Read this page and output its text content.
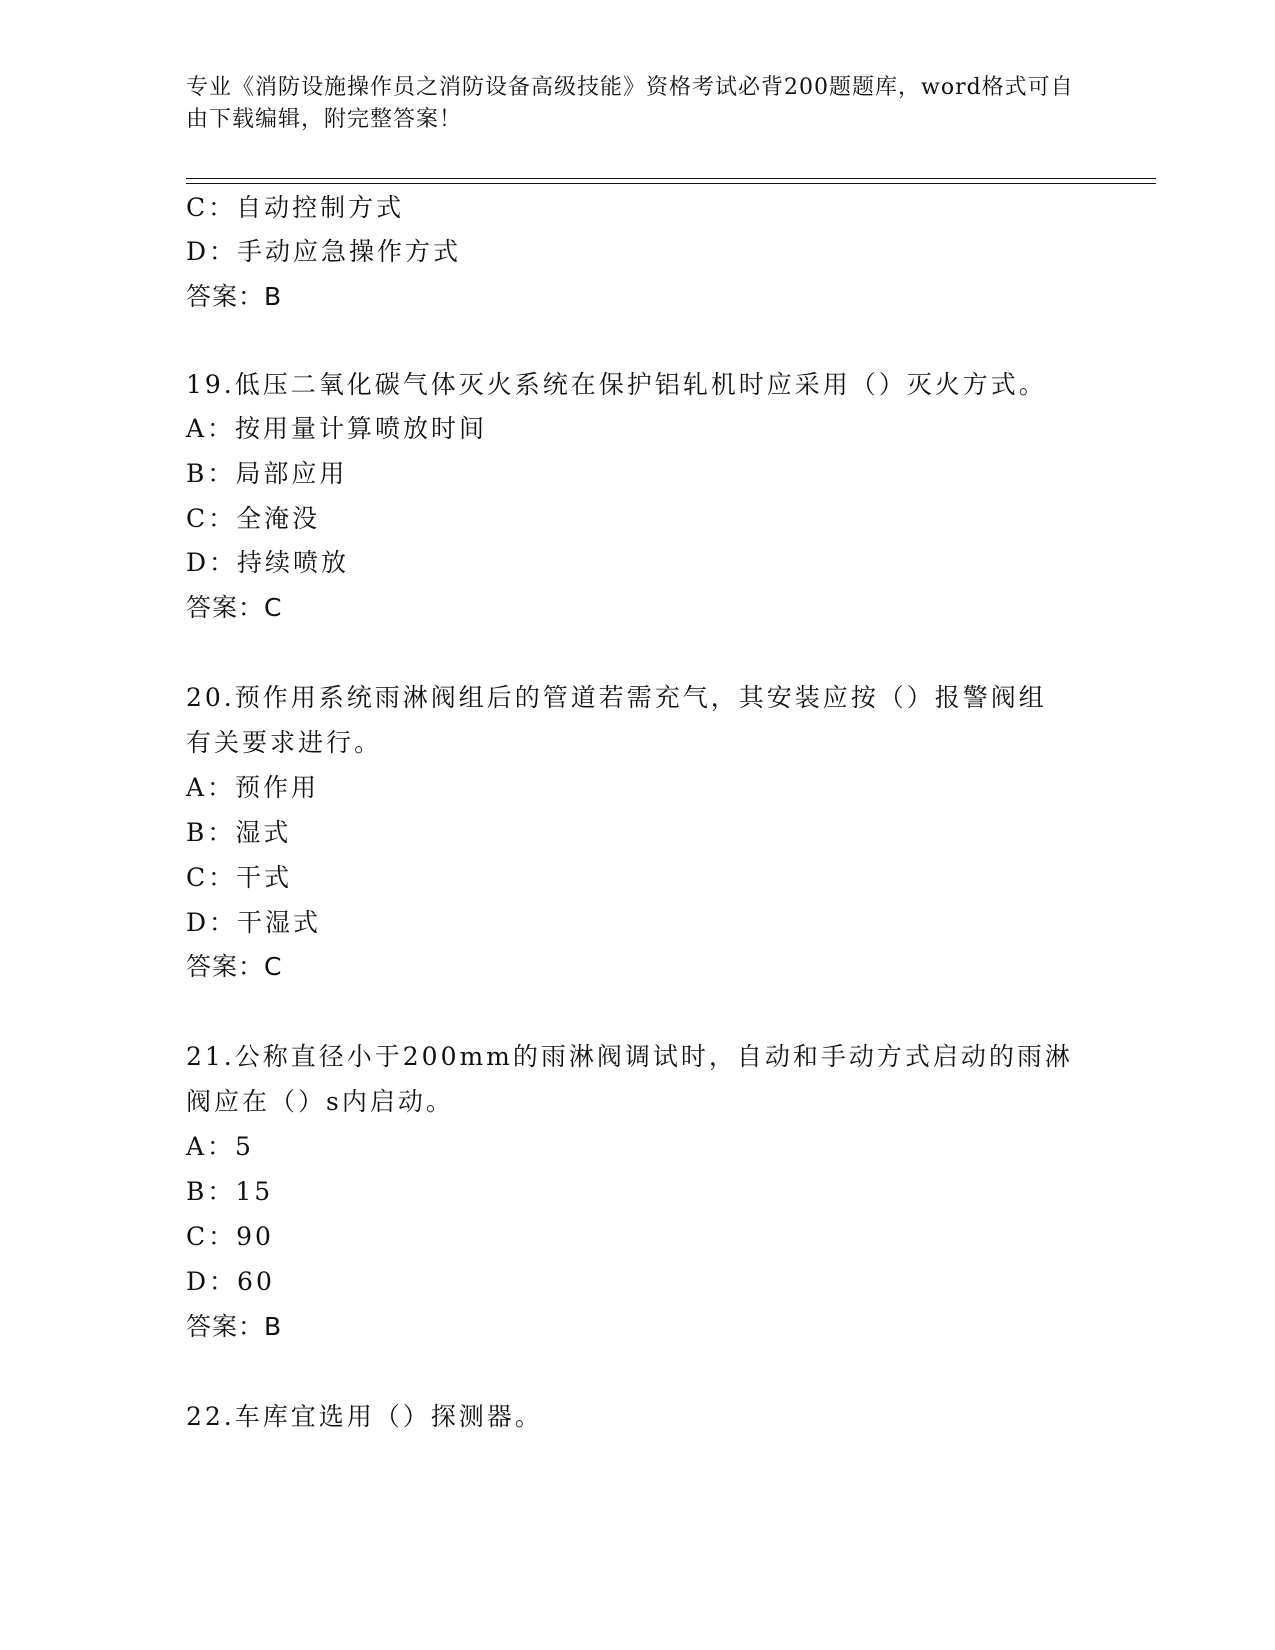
专业《消防设施操作员之消防设备高级技能》资格考试必背200题题库，word格式可自由下载编辑，附完整答案！
C：自动控制方式
D：手动应急操作方式
答案：B
19.低压二氧化碳气体灭火系统在保护铝轧机时应采用（）灭火方式。
A：按用量计算喷放时间
B：局部应用
C：全淹没
D：持续喷放
答案：C
20.预作用系统雨淋阀组后的管道若需充气，其安装应按（）报警阀组
有关要求进行。
A：预作用
B：湿式
C：干式
D：干湿式
答案：C
21.公称直径小于200mm的雨淋阀调试时，自动和手动方式启动的雨淋
阀应在（）s内启动。
A：5
B：15
C：90
D：60
答案：B
22.车库宜选用（）探测器。
